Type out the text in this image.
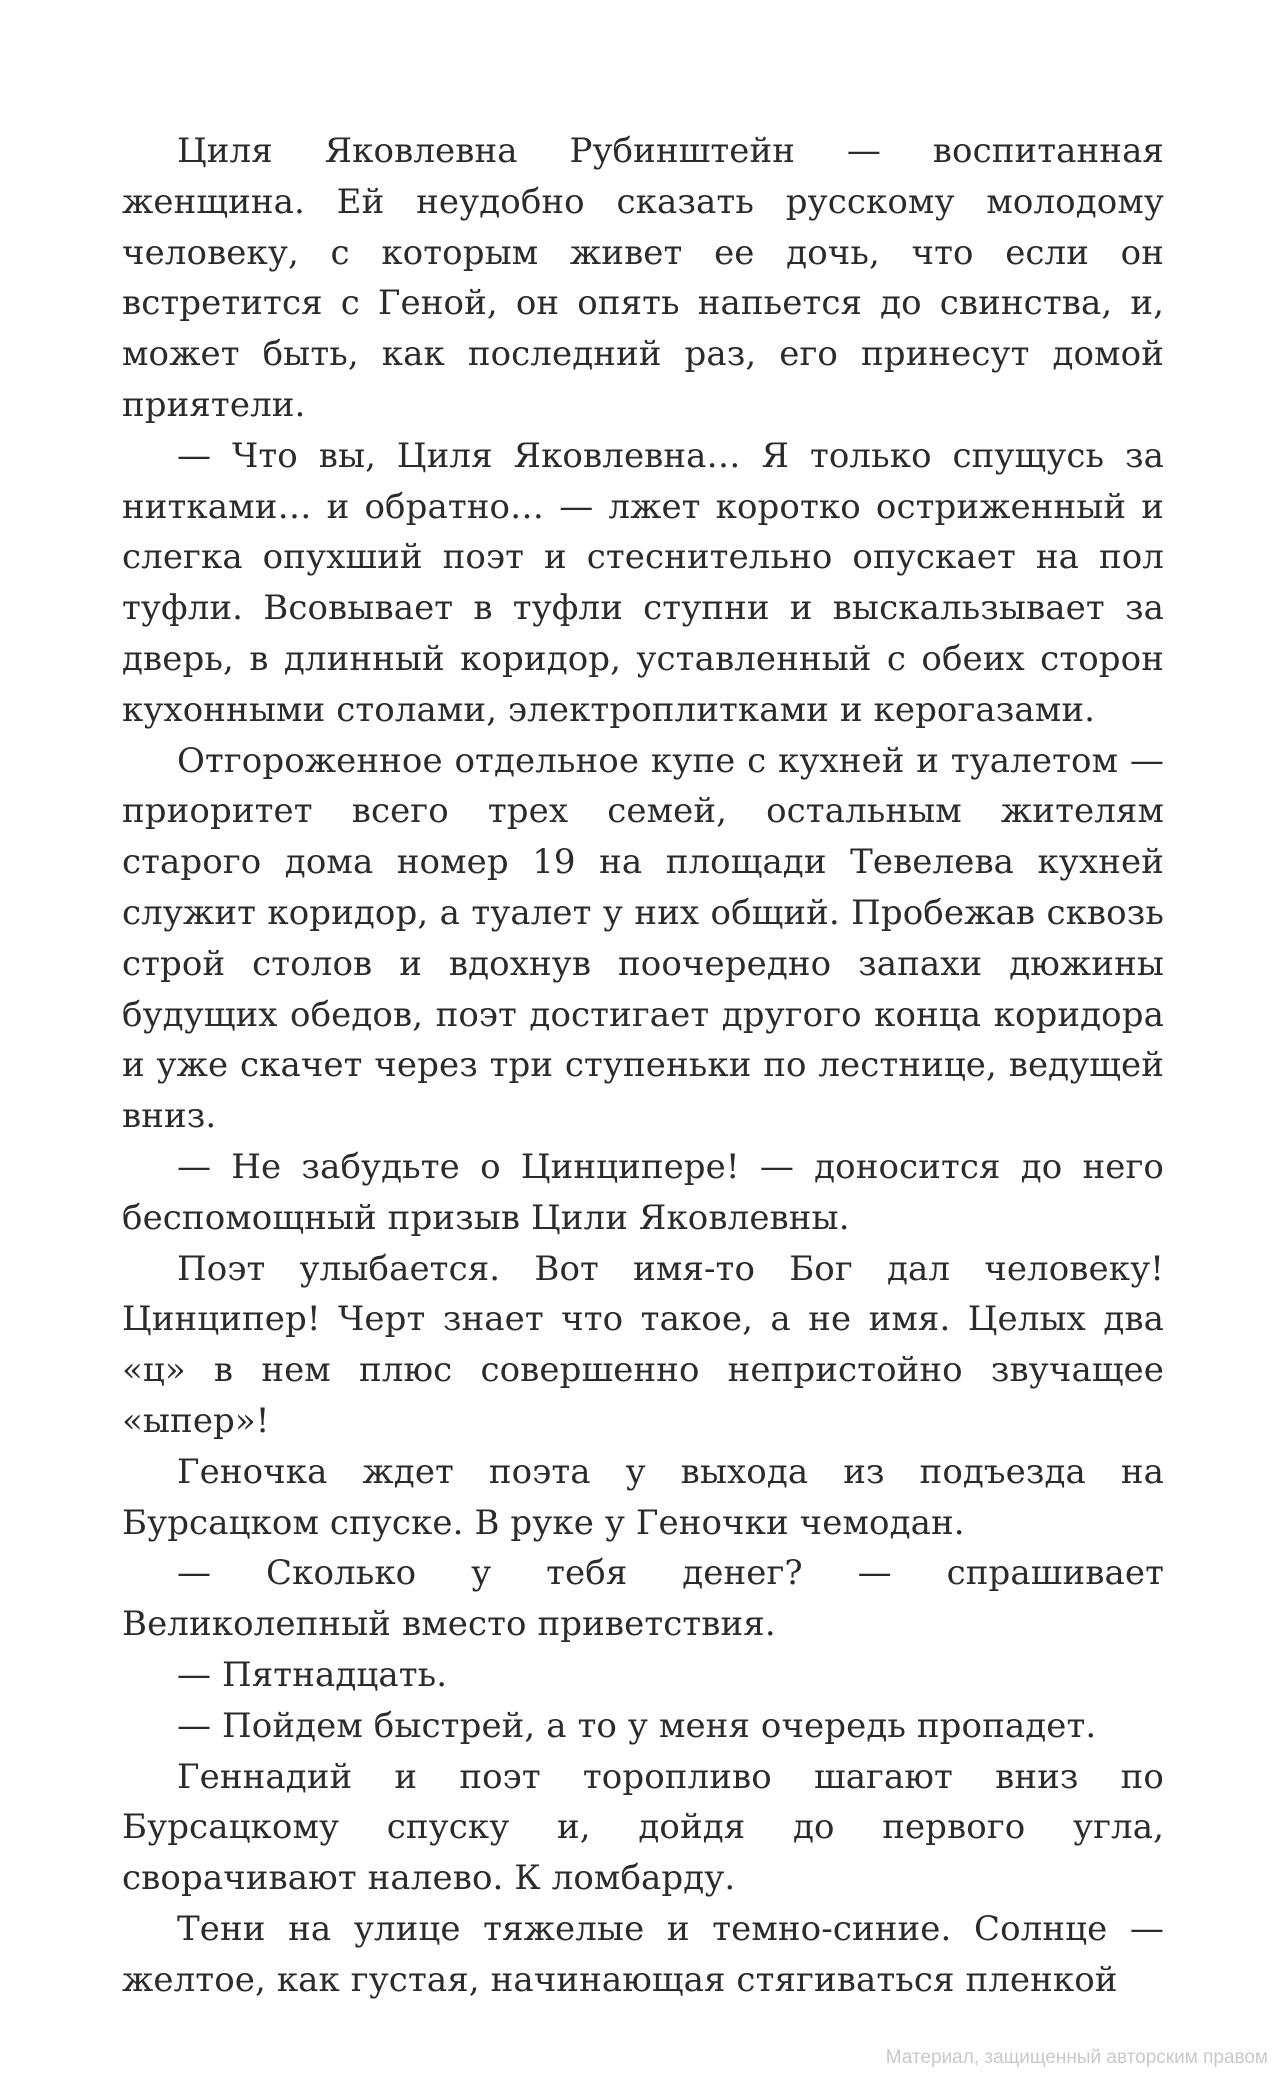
Циля Яковлевна Рубинштейн — воспитанная женщина. Ей неудобно сказать русскому молодому человеку, с которым живет ее дочь, что если он встретится с Геной, он опять напьется до свинства, и, может быть, как последний раз, его принесут домой приятели.

— Что вы, Циля Яковлевна… Я только спущусь за нитками… и обратно… — лжет коротко остриженный и слегка опухший поэт и стеснительно опускает на пол туфли. Всовывает в туфли ступни и выскальзывает за дверь, в длинный коридор, уставленный с обеих сторон кухонными столами, электроплитками и керогазами.

Отгороженное отдельное купе с кухней и туалетом — приоритет всего трех семей, остальным жителям старого дома номер 19 на площади Тевелева кухней служит коридор, а туалет у них общий. Пробежав сквозь строй столов и вдохнув поочередно запахи дюжины будущих обедов, поэт достигает другого конца коридора и уже скачет через три ступеньки по лестнице, ведущей вниз.

— Не забудьте о Цинципере! — доносится до него беспомощный призыв Цили Яковлевны.

Поэт улыбается. Вот имя-то Бог дал человеку! Цинципер! Черт знает что такое, а не имя. Целых два «ц» в нем плюс совершенно непристойно звучащее «ыпер»!

Геночка ждет поэта у выхода из подъезда на Бурсацком спуске. В руке у Геночки чемодан.

— Сколько у тебя денег? — спрашивает Великолепный вместо приветствия.

— Пятнадцать.

— Пойдем быстрей, а то у меня очередь пропадет.

Геннадий и поэт торопливо шагают вниз по Бурсацкому спуску и, дойдя до первого угла, сворачивают налево. К ломбарду.

Тени на улице тяжелые и темно-синие. Солнце — желтое, как густая, начинающая стягиваться пленкой

Материал, защищенный авторским правом
